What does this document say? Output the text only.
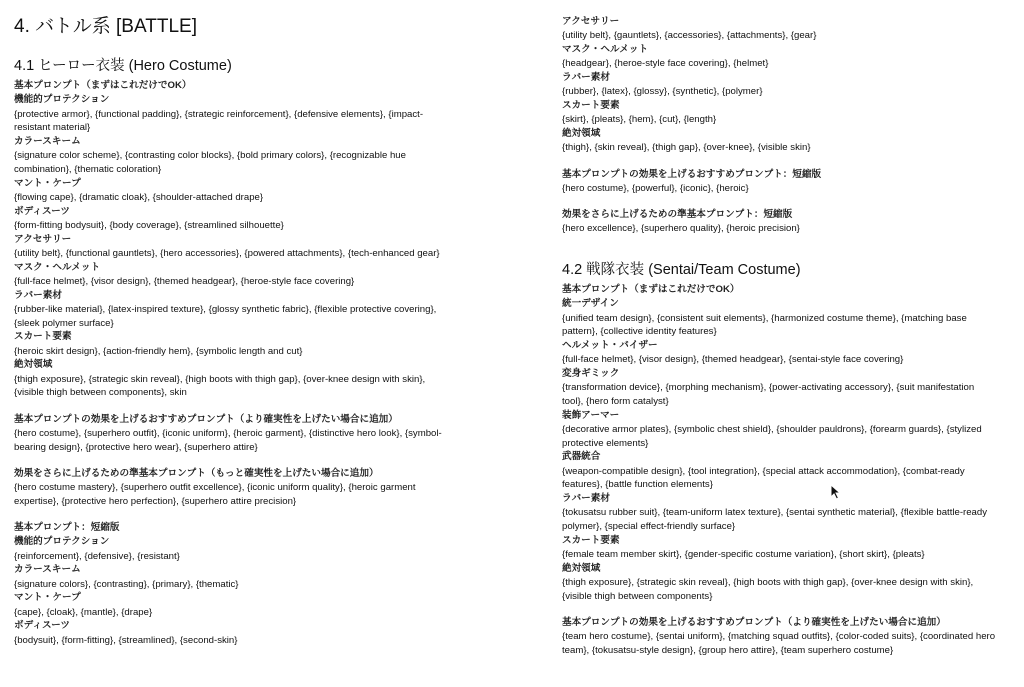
4. バトル系 [BATTLE]
4.1 ヒーロー衣装 (Hero Costume)
基本プロンプト（まずはこれだけでOK）
機能的プロテクション
{protective armor}, {functional padding}, {strategic reinforcement}, {defensive elements}, {impact-resistant material}
カラースキーム
{signature color scheme}, {contrasting color blocks}, {bold primary colors}, {recognizable hue combination}, {thematic coloration}
マント・ケープ
{flowing cape}, {dramatic cloak}, {shoulder-attached drape}
ボディスーツ
{form-fitting bodysuit}, {body coverage}, {streamlined silhouette}
アクセサリー
{utility belt}, {functional gauntlets}, {hero accessories}, {powered attachments}, {tech-enhanced gear}
マスク・ヘルメット
{full-face helmet}, {visor design}, {themed headgear}, {heroe-style face covering}
ラバー素材
{rubber-like material}, {latex-inspired texture}, {glossy synthetic fabric}, {flexible protective covering}, {sleek polymer surface}
スカート要素
{heroic skirt design}, {action-friendly hem}, {symbolic length and cut}
絶対領域
{thigh exposure}, {strategic skin reveal}, {high boots with thigh gap}, {over-knee design with skin}, {visible thigh between components}, skin
基本プロンプトの効果を上げるおすすめプロンプト（より確実性を上げたい場合に追加）
{hero costume}, {superhero outfit}, {iconic uniform}, {heroic garment}, {distinctive hero look}, {symbol-bearing design}, {protective hero wear}, {superhero attire}
効果をさらに上げるための準基本プロンプト（もっと確実性を上げたい場合に追加）
{hero costume mastery}, {superhero outfit excellence}, {iconic uniform quality}, {heroic garment expertise}, {protective hero perfection}, {superhero attire precision}
基本プロンプト：短縮版
機能的プロテクション
{reinforcement}, {defensive}, {resistant}
カラースキーム
{signature colors}, {contrasting}, {primary}, {thematic}
マント・ケープ
{cape}, {cloak}, {mantle}, {drape}
ボディスーツ
{bodysuit}, {form-fitting}, {streamlined}, {second-skin}
アクセサリー
{utility belt}, {gauntlets}, {accessories}, {attachments}, {gear}
マスク・ヘルメット
{headgear}, {heroe-style face covering}, {helmet}
ラバー素材
{rubber}, {latex}, {glossy}, {synthetic}, {polymer}
スカート要素
{skirt}, {pleats}, {hem}, {cut}, {length}
絶対領域
{thigh}, {skin reveal}, {thigh gap}, {over-knee}, {visible skin}
基本プロンプトの効果を上げるおすすめプロンプト：短縮版
{hero costume}, {powerful}, {iconic}, {heroic}
効果をさらに上げるための準基本プロンプト：短縮版
{hero excellence}, {superhero quality}, {heroic precision}
4.2 戦隊衣装 (Sentai/Team Costume)
基本プロンプト（まずはこれだけでOK）
統一デザイン
{unified team design}, {consistent suit elements}, {harmonized costume theme}, {matching base pattern}, {collective identity features}
ヘルメット・バイザー
{full-face helmet}, {visor design}, {themed headgear}, {sentai-style face covering}
変身ギミック
{transformation device}, {morphing mechanism}, {power-activating accessory}, {suit manifestation tool}, {hero form catalyst}
装飾アーマー
{decorative armor plates}, {symbolic chest shield}, {shoulder pauldrons}, {forearm guards}, {stylized protective elements}
武器統合
{weapon-compatible design}, {tool integration}, {special attack accommodation}, {combat-ready features}, {battle function elements}
ラバー素材
{tokusatsu rubber suit}, {team-uniform latex texture}, {sentai synthetic material}, {flexible battle-ready polymer}, {special effect-friendly surface}
スカート要素
{female team member skirt}, {gender-specific costume variation}, {short skirt}, {pleats}
絶対領域
{thigh exposure}, {strategic skin reveal}, {high boots with thigh gap}, {over-knee design with skin}, {visible thigh between components}
基本プロンプトの効果を上げるおすすめプロンプト（より確実性を上げたい場合に追加）
{team hero costume}, {sentai uniform}, {matching squad outfits}, {color-coded suits}, {coordinated hero team}, {tokusatsu-style design}, {group hero attire}, {team superhero costume}
